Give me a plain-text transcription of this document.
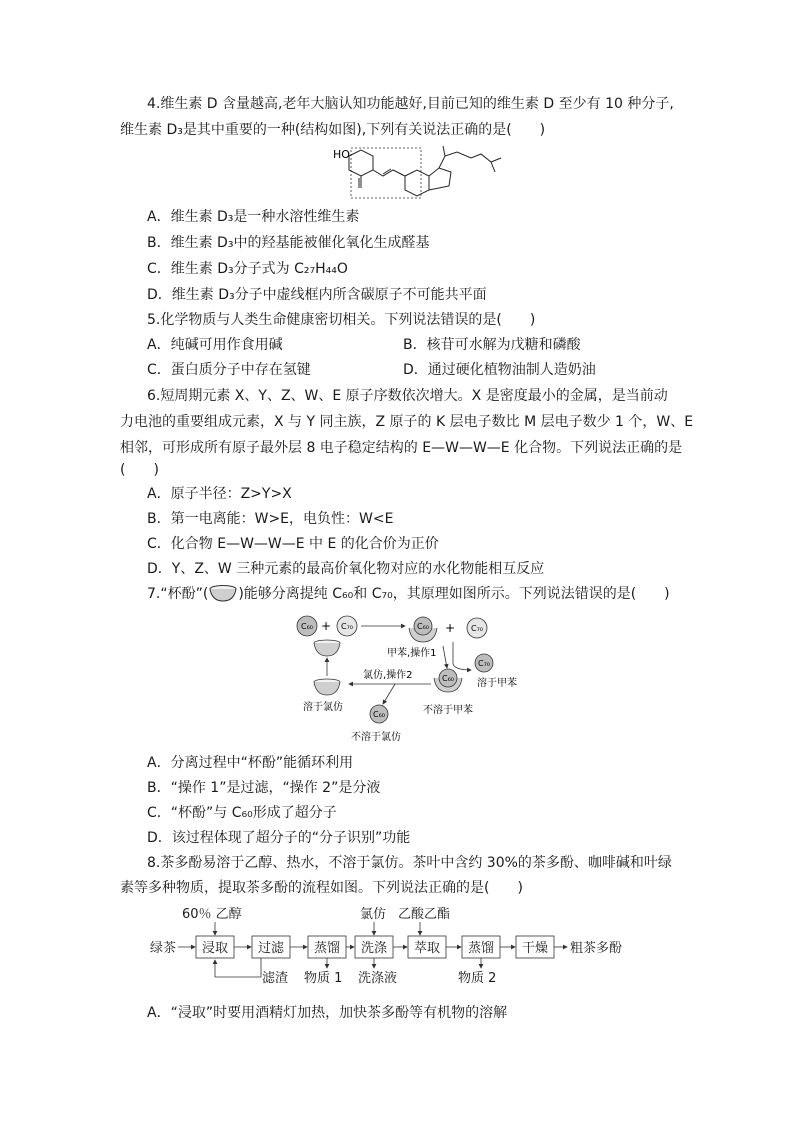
4.维生素 D 含量越高,老年大脑认知功能越好,目前已知的维生素 D 至少有 10 种分子,
维生素 D₃是其中重要的一种(结构如图),下列有关说法正确的是(　　)
HO
A．维生素 D₃是一种水溶性维生素
B．维生素 D₃中的羟基能被催化氧化生成醛基
C．维生素 D₃分子式为 C₂₇H₄₄O
D．维生素 D₃分子中虚线框内所含碳原子不可能共平面
5.化学物质与人类生命健康密切相关。下列说法错误的是(　　)
A．纯碱可用作食用碱	B．核苷可水解为戊糖和磷酸
C．蛋白质分子中存在氢键	D．通过硬化植物油制人造奶油
6.短周期元素 X、Y、Z、W、E 原子序数依次增大。X 是密度最小的金属，是当前动
力电池的重要组成元素，X 与 Y 同主族，Z 原子的 K 层电子数比 M 层电子数少 1 个，W、E
相邻，可形成所有原子最外层 8 电子稳定结构的 E—W—W—E 化合物。下列说法正确的是
(　　)
A．原子半径：Z>Y>X
B．第一电离能：W>E，电负性：W<E
C．化合物 E—W—W—E 中 E 的化合价为正价
D．Y、Z、W 三种元素的最高价氧化物对应的水化物能相互反应
7.“杯酚”( )能够分离提纯 C₆₀和 C₇₀，其原理如图所示。下列说法错误的是(　　)
C₆₀ + C₇₀	C₆₀ + C₇₀
甲苯,操作1
C₇₀
溶于甲苯
C₆₀
不溶于甲苯
氯仿,操作2
溶于氯仿
C₆₀
不溶于氯仿
A．分离过程中“杯酚”能循环利用
B．“操作 1”是过滤，“操作 2”是分液
C．“杯酚”与 C₆₀形成了超分子
D．该过程体现了超分子的“分子识别”功能
8.茶多酚易溶于乙醇、热水，不溶于氯仿。茶叶中含约 30%的茶多酚、咖啡碱和叶绿
素等多种物质，提取茶多酚的流程如图。下列说法正确的是(　　)
60％ 乙醇	氯仿 乙酸乙酯
绿茶 浸取 过滤 蒸馏 洗涤 萃取 蒸馏 干燥 粗茶多酚
滤渣 物质 1 洗涤液	物质 2
A．“浸取”时要用酒精灯加热，加快茶多酚等有机物的溶解
